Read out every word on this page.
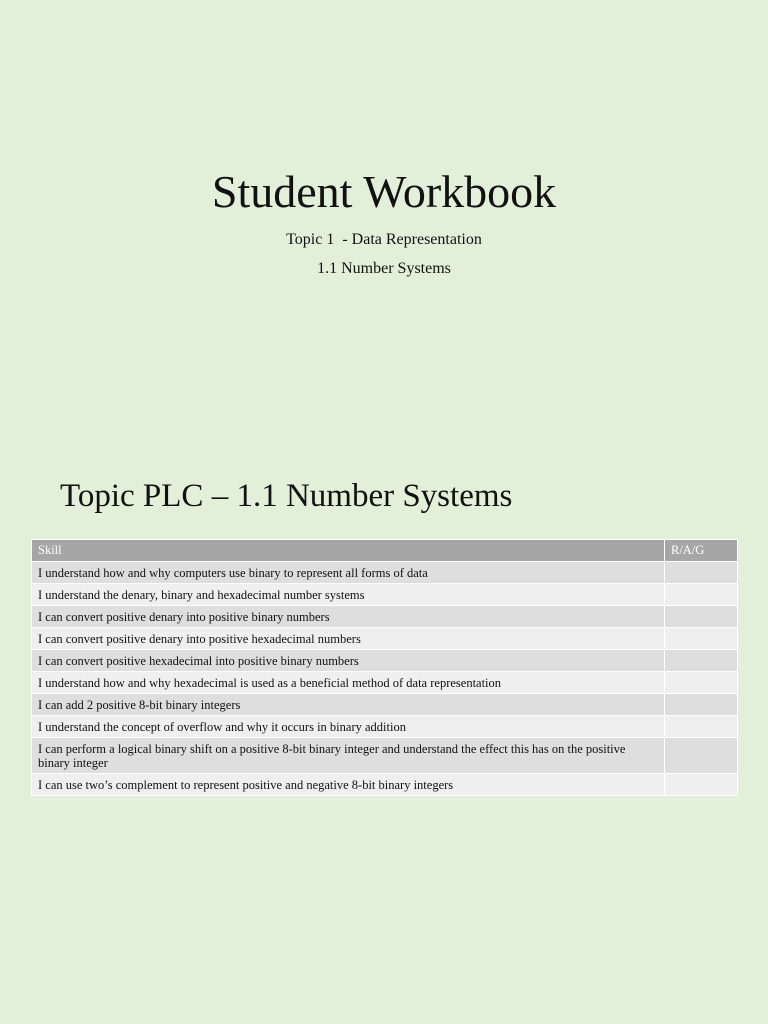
Student Workbook
Topic 1  - Data Representation
1.1 Number Systems
Topic PLC – 1.1 Number Systems
Skill	R/A/G
I understand how and why computers use binary to represent all forms of data	
I understand the denary, binary and hexadecimal number systems	
I can convert positive denary into positive binary numbers	
I can convert positive denary into positive hexadecimal numbers	
I can convert positive hexadecimal into positive binary numbers	
I understand how and why hexadecimal is used as a beneficial method of data representation	
I can add 2 positive 8-bit binary integers	
I understand the concept of overflow and why it occurs in binary addition	
I can perform a logical binary shift on a positive 8-bit binary integer and understand the effect this has on the positive binary integer	
I can use two’s complement to represent positive and negative 8-bit binary integers	
